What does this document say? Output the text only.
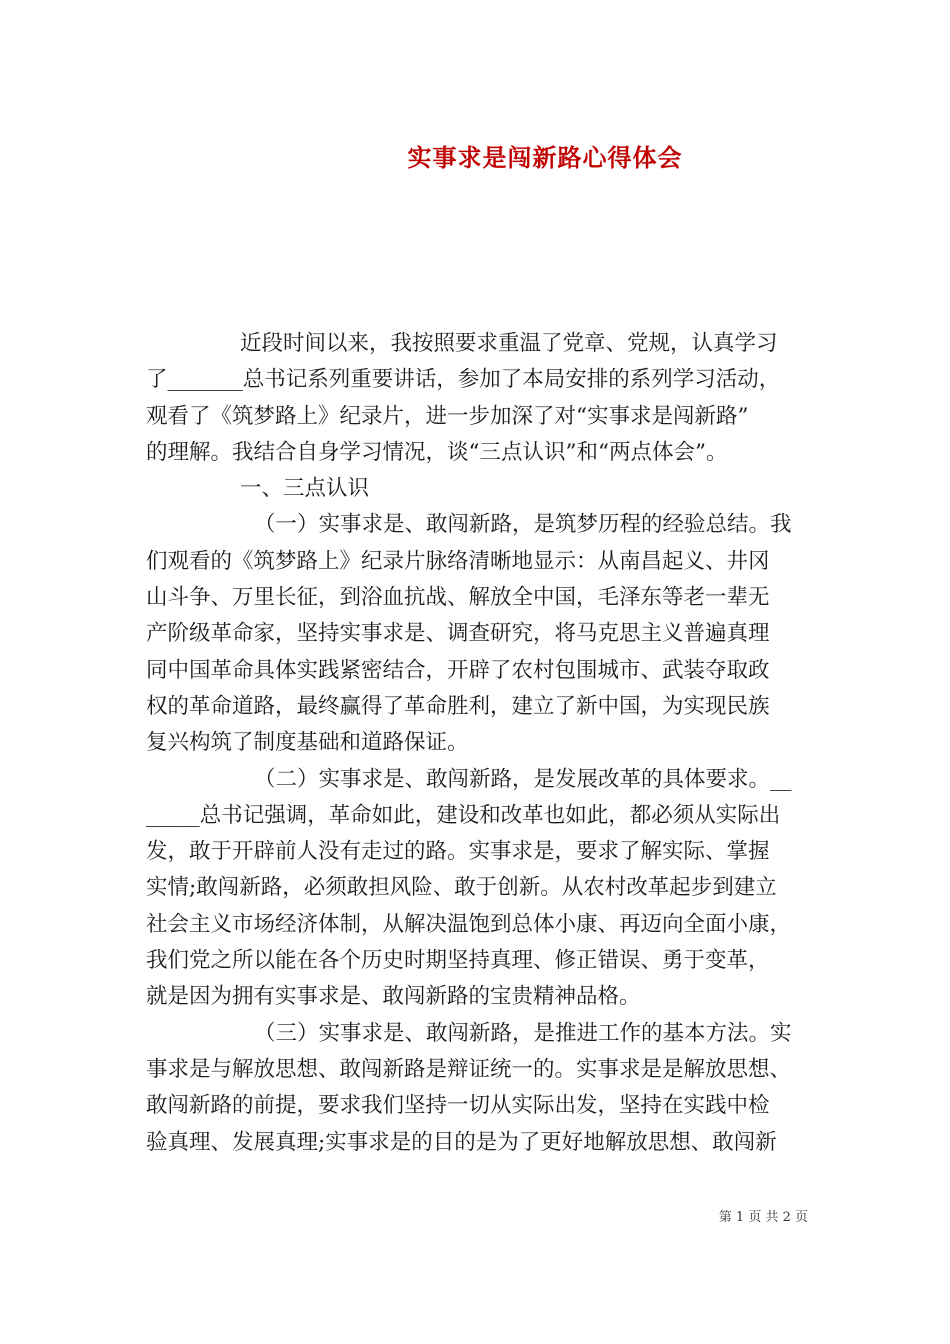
实事求是闯新路心得体会
近段时间以来，我按照要求重温了党章、党规，认真学习
了_______总书记系列重要讲话，参加了本局安排的系列学习活动，
观看了《筑梦路上》纪录片，进一步加深了对“实事求是闯新路”
的理解。我结合自身学习情况，谈“三点认识”和“两点体会”。
一、三点认识
（一）实事求是、敢闯新路，是筑梦历程的经验总结。我
们观看的《筑梦路上》纪录片脉络清晰地显示：从南昌起义、井冈
山斗争、万里长征，到浴血抗战、解放全中国，毛泽东等老一辈无
产阶级革命家，坚持实事求是、调查研究，将马克思主义普遍真理
同中国革命具体实践紧密结合，开辟了农村包围城市、武装夺取政
权的革命道路，最终赢得了革命胜利，建立了新中国，为实现民族
复兴构筑了制度基础和道路保证。
（二）实事求是、敢闯新路，是发展改革的具体要求。__
_____总书记强调，革命如此，建设和改革也如此，都必须从实际出
发，敢于开辟前人没有走过的路。实事求是，要求了解实际、掌握
实情;敢闯新路，必须敢担风险、敢于创新。从农村改革起步到建立
社会主义市场经济体制，从解决温饱到总体小康、再迈向全面小康，
我们党之所以能在各个历史时期坚持真理、修正错误、勇于变革，
就是因为拥有实事求是、敢闯新路的宝贵精神品格。
（三）实事求是、敢闯新路，是推进工作的基本方法。实
事求是与解放思想、敢闯新路是辩证统一的。实事求是是解放思想、
敢闯新路的前提，要求我们坚持一切从实际出发，坚持在实践中检
验真理、发展真理;实事求是的目的是为了更好地解放思想、敢闯新
第 1 页 共 2 页
